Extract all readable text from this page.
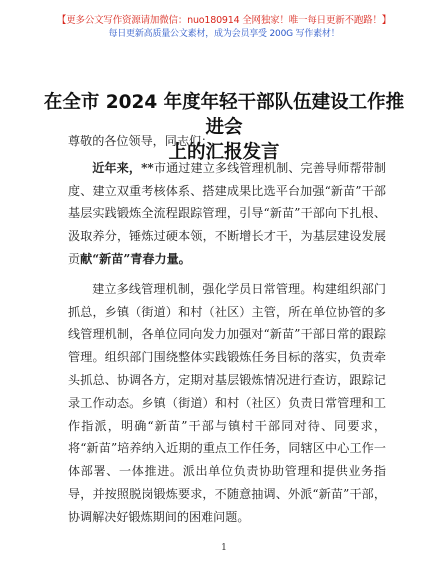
【更多公文写作资源请加微信：nuo180914 全网独家！唯一每日更新不跑路！】
每日更新高质量公文素材，成为会员享受 200G 写作素材！
在全市 2024 年度年轻干部队伍建设工作推进会
上的汇报发言

尊敬的各位领导，同志们：

近年来，**市通过建立多线管理机制、完善导师帮带制度、建立双重考核体系、搭建成果比选平台加强“新苗”干部基层实践锻炼全流程跟踪管理，引导“新苗”干部向下扎根、汲取养分，锤炼过硬本领，不断增长才干，为基层建设发展贡献“新苗”青春力量。

建立多线管理机制，强化学员日常管理。构建组织部门抓总，乡镇（街道）和村（社区）主管，所在单位协管的多线管理机制，各单位同向发力加强对“新苗”干部日常的跟踪管理。组织部门围绕整体实践锻炼任务目标的落实，负责牵头抓总、协调各方，定期对基层锻炼情况进行查访，跟踪记录工作动态。乡镇（街道）和村（社区）负责日常管理和工作指派，明确“新苗”干部与镇村干部同对待、同要求，将“新苗”培养纳入近期的重点工作任务，同辖区中心工作一体部署、一体推进。派出单位负责协助管理和提供业务指导，并按照脱岗锻炼要求，不随意抽调、外派“新苗”干部，协调解决好锻炼期间的困难问题。

1
